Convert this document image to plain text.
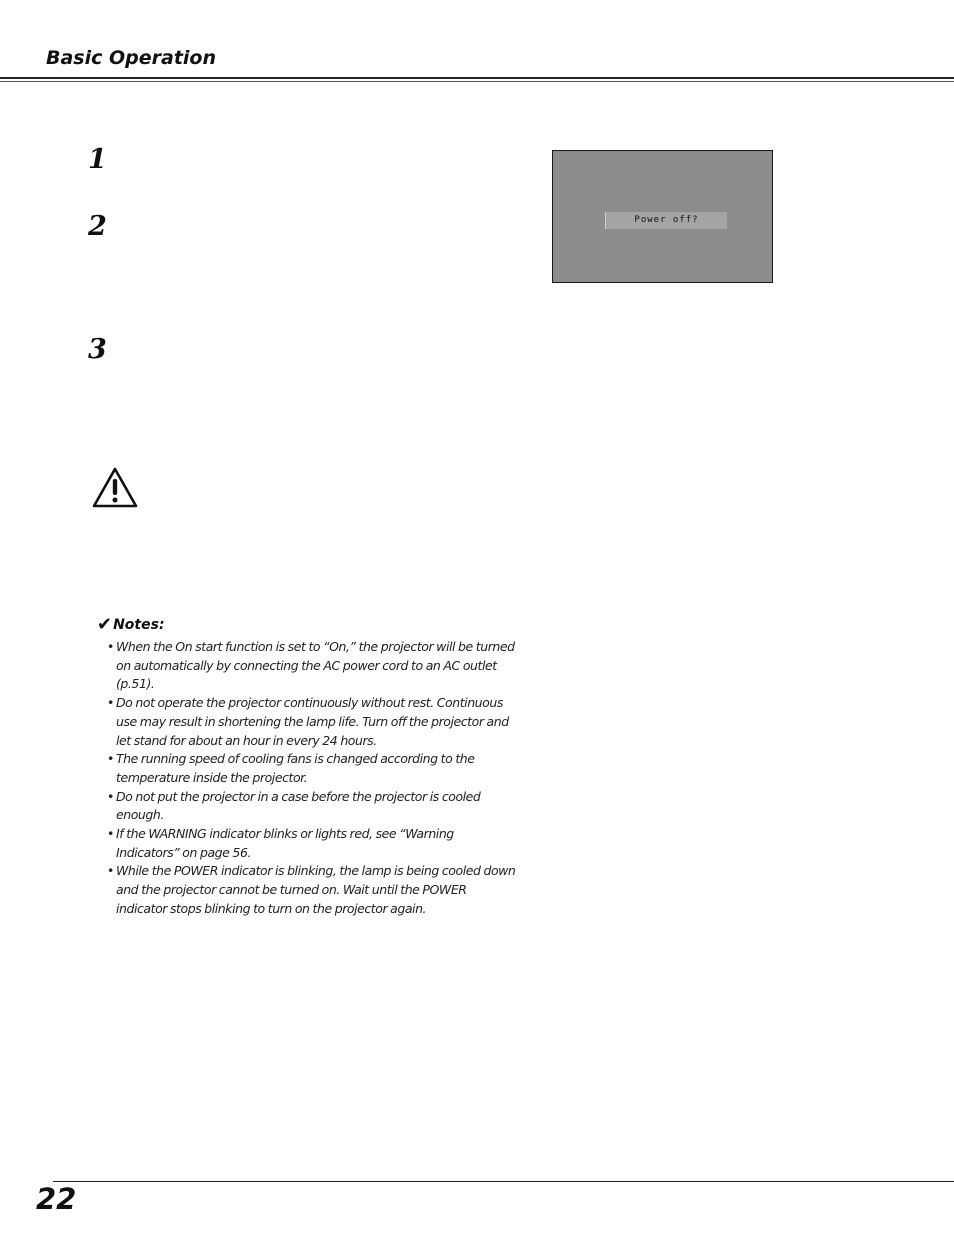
Basic Operation
1
2
3
Power off?
✔ Notes:
• When the On start function is set to “On,” the projector will be turned on automatically by connecting the AC power cord to an AC outlet (p.51).
• Do not operate the projector continuously without rest. Continuous use may result in shortening the lamp life. Turn off the projector and let stand for about an hour in every 24 hours.
• The running speed of cooling fans is changed according to the temperature inside the projector.
• Do not put the projector in a case before the projector is cooled enough.
• If the WARNING indicator blinks or lights red, see “Warning Indicators” on page 56.
• While the POWER indicator is blinking, the lamp is being cooled down and the projector cannot be turned on. Wait until the POWER indicator stops blinking to turn on the projector again.
22
